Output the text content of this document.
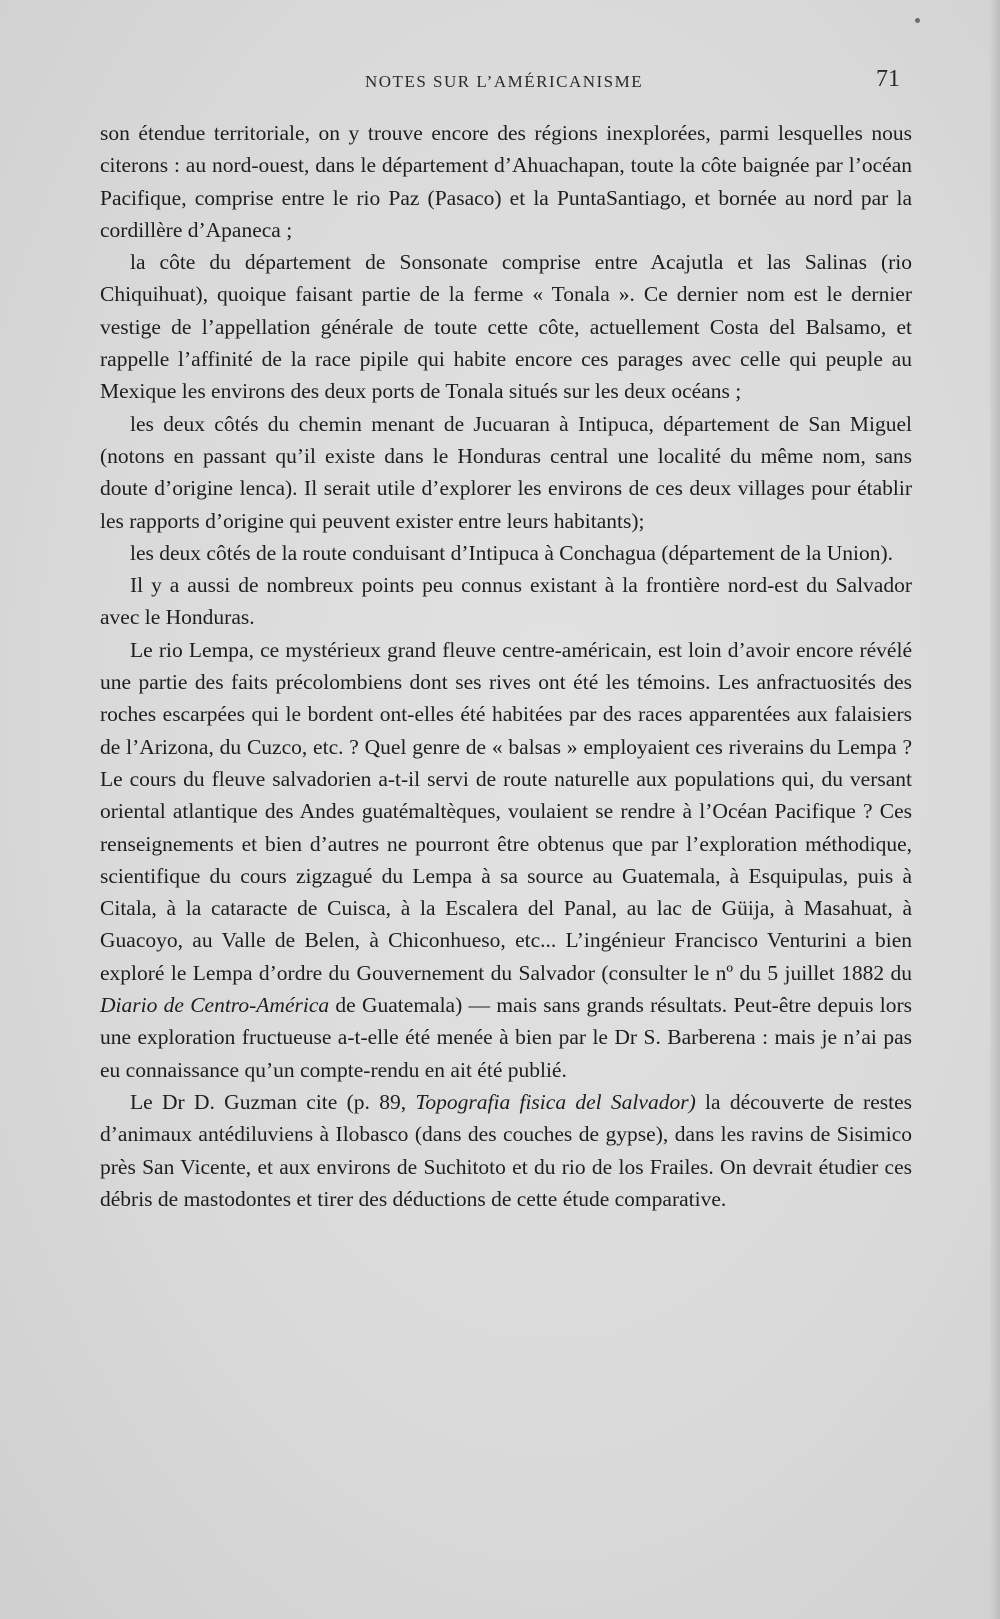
NOTES SUR L’AMÉRICANISME	71

son étendue territoriale, on y trouve encore des régions inexplorées, parmi lesquelles nous citerons : au nord-ouest, dans le département d’Ahuachapan, toute la côte baignée par l’océan Pacifique, comprise entre le rio Paz (Pasaco) et la PuntaSantiago, et bornée au nord par la cordillère d’Apaneca ;

la côte du département de Sonsonate comprise entre Acajutla et las Salinas (rio Chiquihuat), quoique faisant partie de la ferme « Tonala ». Ce dernier nom est le dernier vestige de l’appellation générale de toute cette côte, actuellement Costa del Balsamo, et rappelle l’affinité de la race pipile qui habite encore ces parages avec celle qui peuple au Mexique les environs des deux ports de Tonala situés sur les deux océans ;

les deux côtés du chemin menant de Jucuaran à Intipuca, département de San Miguel (notons en passant qu’il existe dans le Honduras central une localité du même nom, sans doute d’origine lenca). Il serait utile d’explorer les environs de ces deux villages pour établir les rapports d’origine qui peuvent exister entre leurs habitants);

les deux côtés de la route conduisant d’Intipuca à Conchagua (département de la Union).

Il y a aussi de nombreux points peu connus existant à la frontière nord-est du Salvador avec le Honduras.

Le rio Lempa, ce mystérieux grand fleuve centre-américain, est loin d’avoir encore révélé une partie des faits précolombiens dont ses rives ont été les témoins. Les anfractuosités des roches escarpées qui le bordent ont-elles été habitées par des races apparentées aux falaisiers de l’Arizona, du Cuzco, etc. ? Quel genre de « balsas » employaient ces riverains du Lempa ? Le cours du fleuve salvadorien a-t-il servi de route naturelle aux populations qui, du versant oriental atlantique des Andes guatémaltèques, voulaient se rendre à l’Océan Pacifique ? Ces renseignements et bien d’autres ne pourront être obtenus que par l’exploration méthodique, scientifique du cours zigzagué du Lempa à sa source au Guatemala, à Esquipulas, puis à Citala, à la cataracte de Cuisca, à la Escalera del Panal, au lac de Güija, à Masahuat, à Guacoyo, au Valle de Belen, à Chiconhueso, etc... L’ingénieur Francisco Venturini a bien exploré le Lempa d’ordre du Gouvernement du Salvador (consulter le nº du 5 juillet 1882 du Diario de Centro-América de Guatemala) — mais sans grands résultats. Peut-être depuis lors une exploration fructueuse a-t-elle été menée à bien par le Dr S. Barberena : mais je n’ai pas eu connaissance qu’un compte-rendu en ait été publié.

Le Dr D. Guzman cite (p. 89, Topografia fisica del Salvador) la découverte de restes d’animaux antédiluviens à Ilobasco (dans des couches de gypse), dans les ravins de Sisimico près San Vicente, et aux environs de Suchitoto et du rio de los Frailes. On devrait étudier ces débris de mastodontes et tirer des déductions de cette étude comparative.
